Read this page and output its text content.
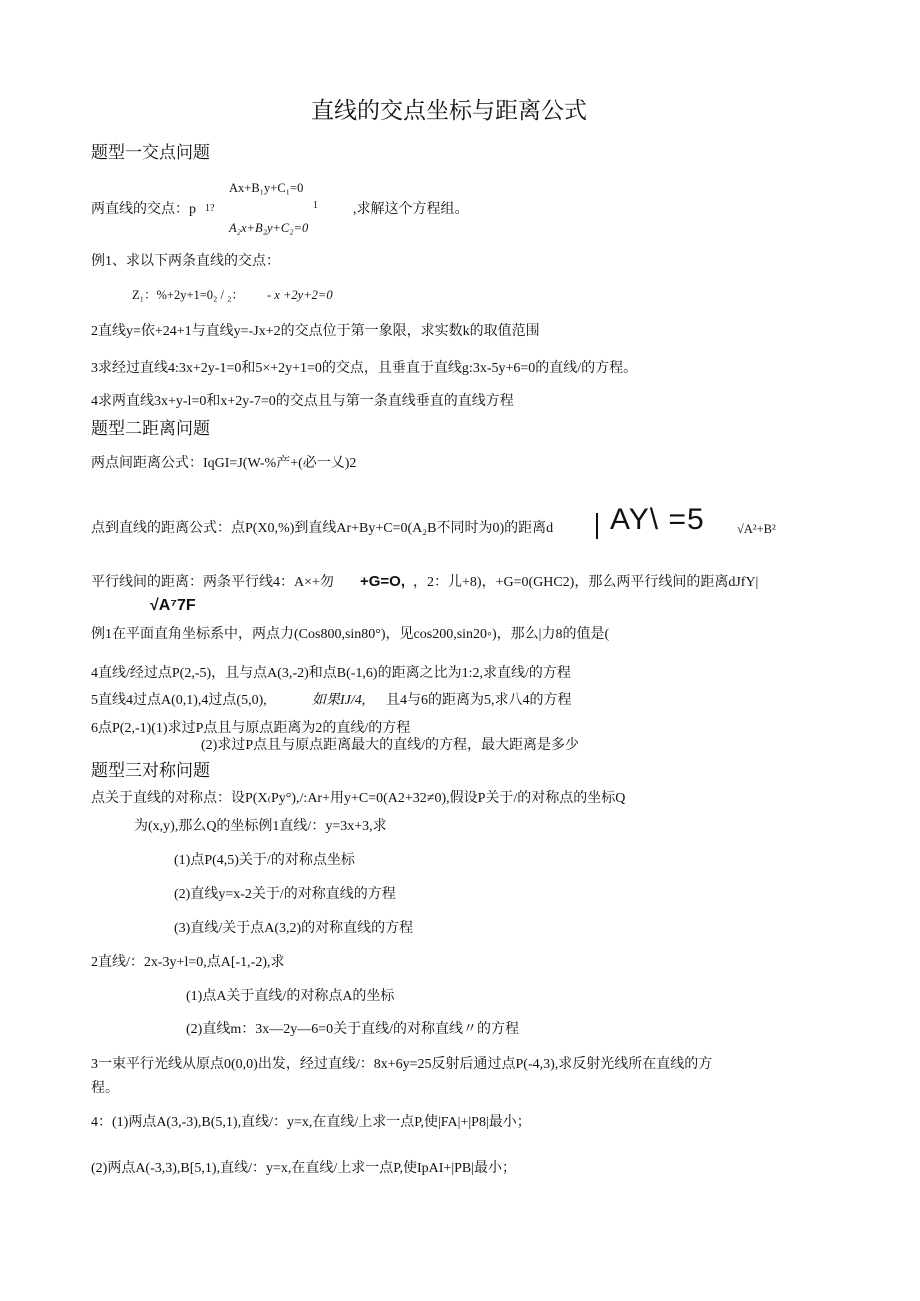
直线的交点坐标与距离公式
题型一交点问题
Ax+B₁y+C₁=0
两直线的交点：p 1?	1	,求解这个方程组。
A₂x+B₂y+C₂=0
例1、求以下两条直线的交点：
Z₁：%+2y+1=0₂ / ₂： - x +2y+2=0
2直线y=依+24+1与直线y=-Jx+2的交点位于第一象限，求实数k的取值范围
3求经过直线4:3x+2y-1=0和5×+2y+1=0的交点，且垂直于直线g:3x-5y+6=0的直线/的方程。
4求两直线3x+y-l=0和x+2y-7=0的交点且与第一条直线垂直的直线方程
题型二距离问题
两点间距离公式：IqGI=J(W-%产+(必一乂)2
点到直线的距离公式：点P(X0,%)到直线Ar+By+C=0(A₂B不同时为0)的距离d AY\ =5	√A²+B²
平行线间的距离：两条平行线4：A×+勿 +G=O, ，2：儿+8)，+G=0(GHC2)，那么两平行线间的距离dJfY|
√A⁷7F
例1在平面直角坐标系中，两点力(Cos800,sin80°)，见cos200,sin20◦)，那么|力8的值是(
4直线/经过点P(2,-5)，且与点A(3,-2)和点B(-1,6)的距离之比为1:2,求直线/的方程
5直线4过点A(0,1),4过点(5,0),	如果IJ/4, 且4与6的距离为5,求八4的方程
6点P(2,-1)(1)求过P点且与原点距离为2的直线/的方程
(2)求过P点且与原点距离最大的直线/的方程，最大距离是多少
题型三对称问题
点关于直线的对称点：设P(X₍Py°),/:Ar+用y+C=0(A2+32≠0),假设P关于/的对称点的坐标Q
为(x,y),那么Q的坐标例1直线/：y=3x+3,求
(1)点P(4,5)关于/的对称点坐标
(2)直线y=x-2关于/的对称直线的方程
(3)直线/关于点A(3,2)的对称直线的方程
2直线/：2x-3y+l=0,点A[-1,-2),求
(1)点A关于直线/的对称点A的坐标
(2)直线m：3x—2y—6=0关于直线/的对称直线〃的方程
3一束平行光线从原点0(0,0)出发，经过直线/：8x+6y=25反射后通过点P(-4,3),求反射光线所在直线的方
程。
4：(1)两点A(3,-3),B(5,1),直线/：y=x,在直线/上求一点P,使|FA|+|P8|最小；
(2)两点A(-3,3),B[5,1),直线/：y=x,在直线/上求一点P,使IpAI+|PB|最小；
